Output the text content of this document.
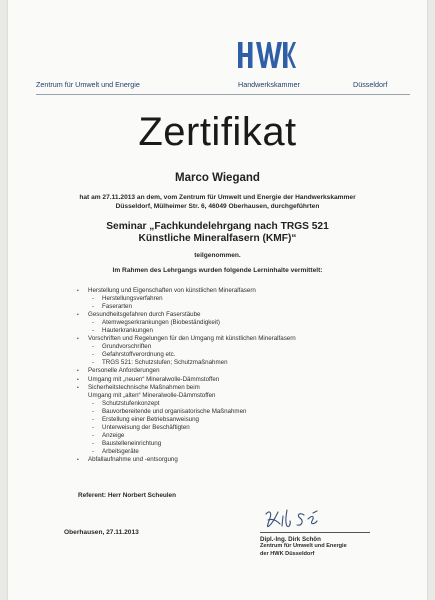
Zentrum für Umwelt und Energie	Handwerkskammer	Düsseldorf
Zertifikat
Marco Wiegand
hat am 27.11.2013 an dem, vom Zentrum für Umwelt und Energie der Handwerkskammer
Düsseldorf, Mülheimer Str. 6, 46049 Oberhausen, durchgeführten
Seminar „Fachkundelehrgang nach TRGS 521
Künstliche Mineralfasern (KMF)“
teilgenommen.
Im Rahmen des Lehrgangs wurden folgende Lerninhalte vermittelt:
• Herstellung und Eigenschaften von künstlichen Mineralfasern
- Herstellungsverfahren
- Faserarten
• Gesundheitsgefahren durch Faserstäube
- Atemwegserkrankungen (Biobeständigkeit)
- Hauterkrankungen
• Vorschriften und Regelungen für den Umgang mit künstlichen Mineralfasern
- Grundvorschriften
- Gefahrstoffverordnung etc.
- TRGS 521: Schutzstufen; Schutzmaßnahmen
• Personelle Anforderungen
• Umgang mit „neuen“ Mineralwolle-Dämmstoffen
• Sicherheitstechnische Maßnahmen beim
Umgang mit „alten“ Mineralwolle-Dämmstoffen
- Schutzstufenkonzept
- Bauvorbereitende und organisatorische Maßnahmen
- Erstellung einer Betriebsanweisung
- Unterweisung der Beschäftigten
- Anzeige
- Baustelleneinrichtung
- Arbeitsgeräte
• Abfallaufnahme und -entsorgung
Referent: Herr Norbert Scheulen
Oberhausen, 27.11.2013
Dipl.-Ing. Dirk Schön
Zentrum für Umwelt und Energie
der HWK Düsseldorf
